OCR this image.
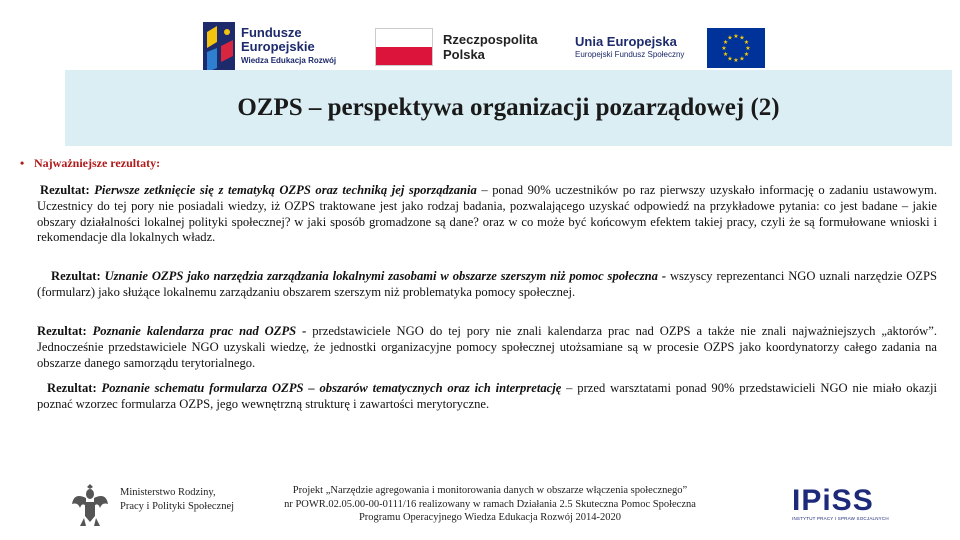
Fundusze
Europejskie
Wiedza Edukacja Rozwój
Rzeczpospolita
Polska
Unia Europejska
Europejski Fundusz Społeczny
★ ★
★
★
★
★
★
★
★
★
★
★
OZPS – perspektywa organizacji pozarządowej (2)
• Najważniejsze rezultaty:

Rezultat: Pierwsze zetknięcie się z tematyką OZPS oraz techniką jej sporządzania – ponad 90% uczestników po raz pierwszy uzyskało informację o zadaniu ustawowym. Uczestnicy do tej pory nie posiadali wiedzy, iż OZPS traktowane jest jako rodzaj badania, pozwalającego uzyskać odpowiedź na przykładowe pytania: co jest badane – jakie obszary działalności lokalnej polityki społecznej? w jaki sposób gromadzone są dane? oraz w co może być końcowym efektem takiej pracy, czyli że są formułowane wnioski i rekomendacje dla lokalnych władz.

Rezultat: Uznanie OZPS jako narzędzia zarządzania lokalnymi zasobami w obszarze szerszym niż pomoc społeczna - wszyscy reprezentanci NGO uznali narzędzie OZPS (formularz) jako służące lokalnemu zarządzaniu obszarem szerszym niż problematyka pomocy społecznej.

Rezultat: Poznanie kalendarza prac nad OZPS - przedstawiciele NGO do tej pory nie znali kalendarza prac nad OZPS a także nie znali najważniejszych „aktorów”. Jednocześnie przedstawiciele NGO uzyskali wiedzę, że jednostki organizacyjne pomocy społecznej utożsamiane są w procesie OZPS jako koordynatorzy całego zadania na obszarze danego samorządu terytorialnego.

Rezultat: Poznanie schematu formularza OZPS – obszarów tematycznych oraz ich interpretację – przed warsztatami ponad 90% przedstawicieli NGO nie miało okazji poznać wzorzec formularza OZPS, jego wewnętrzną strukturę i zawartości merytoryczne.

Ministerstwo Rodziny,
Pracy i Polityki Społecznej
Projekt „Narzędzie agregowania i monitorowania danych w obszarze włączenia społecznego”
nr POWR.02.05.00-00-0111/16 realizowany w ramach Działania 2.5 Skuteczna Pomoc Społeczna
Programu Operacyjnego Wiedza Edukacja Rozwój 2014-2020
IPiSS
INSTYTUT PRACY I SPRAW SOCJALNYCH
